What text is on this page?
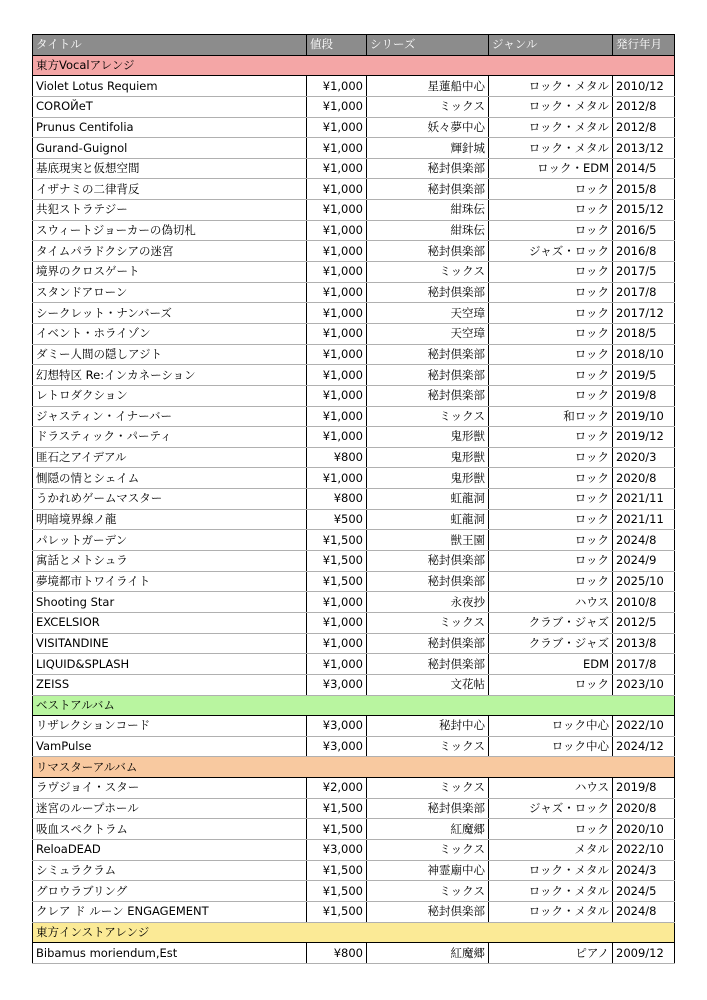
タイトル	値段	シリーズ	ジャンル	発行年月
東方Vocalアレンジ				
Violet Lotus Requiem	¥1,000	星蓮船中心	ロック・メタル	2010/12
COROЙeT	¥1,000	ミックス	ロック・メタル	2012/8
Prunus Centifolia	¥1,000	妖々夢中心	ロック・メタル	2012/8
Gurand-Guignol	¥1,000	輝針城	ロック・メタル	2013/12
基底現実と仮想空間	¥1,000	秘封倶楽部	ロック・EDM	2014/5
イザナミの二律背反	¥1,000	秘封倶楽部	ロック	2015/8
共犯ストラテジー	¥1,000	紺珠伝	ロック	2015/12
スウィートジョーカーの偽切札	¥1,000	紺珠伝	ロック	2016/5
タイムパラドクシアの迷宮	¥1,000	秘封倶楽部	ジャズ・ロック	2016/8
境界のクロスゲート	¥1,000	ミックス	ロック	2017/5
スタンドアローン	¥1,000	秘封倶楽部	ロック	2017/8
シークレット・ナンバーズ	¥1,000	天空璋	ロック	2017/12
イベント・ホライゾン	¥1,000	天空璋	ロック	2018/5
ダミー人間の隠しアジト	¥1,000	秘封倶楽部	ロック	2018/10
幻想特区 Re:インカネーション	¥1,000	秘封倶楽部	ロック	2019/5
レトロダクション	¥1,000	秘封倶楽部	ロック	2019/8
ジャスティン・イナーバー	¥1,000	ミックス	和ロック	2019/10
ドラスティック・パーティ	¥1,000	鬼形獣	ロック	2019/12
匪石之アイデアル	¥800	鬼形獣	ロック	2020/3
惻隠の情とシェイム	¥1,000	鬼形獣	ロック	2020/8
うかれめゲームマスター	¥800	虹龍洞	ロック	2021/11
明暗境界線ノ龍	¥500	虹龍洞	ロック	2021/11
パレットガーデン	¥1,500	獣王園	ロック	2024/8
寓話とメトシュラ	¥1,500	秘封倶楽部	ロック	2024/9
夢境都市トワイライト	¥1,500	秘封倶楽部	ロック	2025/10
Shooting Star	¥1,000	永夜抄	ハウス	2010/8
EXCELSIOR	¥1,000	ミックス	クラブ・ジャズ	2012/5
VISITANDINE	¥1,000	秘封倶楽部	クラブ・ジャズ	2013/8
LIQUID&SPLASH	¥1,000	秘封倶楽部	EDM	2017/8
ZEISS	¥3,000	文花帖	ロック	2023/10
ベストアルバム				
リザレクションコード	¥3,000	秘封中心	ロック中心	2022/10
VamPulse	¥3,000	ミックス	ロック中心	2024/12
リマスターアルバム				
ラヴジョイ・スター	¥2,000	ミックス	ハウス	2019/8
迷宮のループホール	¥1,500	秘封倶楽部	ジャズ・ロック	2020/8
吸血スペクトラム	¥1,500	紅魔郷	ロック	2020/10
ReloaDEAD	¥3,000	ミックス	メタル	2022/10
シミュラクラム	¥1,500	神霊廟中心	ロック・メタル	2024/3
グロウラブリング	¥1,500	ミックス	ロック・メタル	2024/5
クレア ド ルーン ENGAGEMENT	¥1,500	秘封倶楽部	ロック・メタル	2024/8
東方インストアレンジ				
Bibamus moriendum,Est	¥800	紅魔郷	ピアノ	2009/12
